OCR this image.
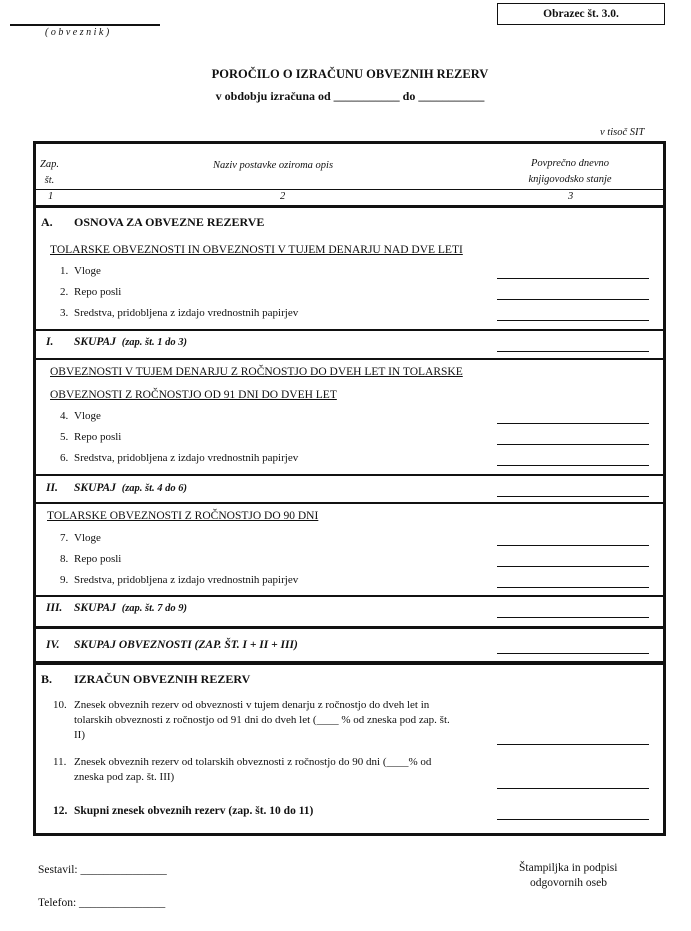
( o b v e z n i k )
Obrazec št. 3.0.
POROČILO O IZRAČUNU OBVEZNIH REZERV
v obdobju izračuna od ___________ do ___________
v tisoč SIT
Zap.
št.
Naziv postavke oziroma opis	Povprečno dnevno
knjigovodsko stanje
1	2	3
A. OSNOVA ZA OBVEZNE REZERVE
TOLARSKE OBVEZNOSTI IN OBVEZNOSTI V TUJEM DENARJU NAD DVE LETI
1. Vloge
2. Repo posli
3. Sredstva, pridobljena z izdajo vrednostnih papirjev
I. SKUPAJ (zap. št. 1 do 3)
OBVEZNOSTI V TUJEM DENARJU Z ROČNOSTJO DO DVEH LET IN TOLARSKE
OBVEZNOSTI Z ROČNOSTJO OD 91 DNI DO DVEH LET
4. Vloge
5. Repo posli
6. Sredstva, pridobljena z izdajo vrednostnih papirjev
II. SKUPAJ (zap. št. 4 do 6)
TOLARSKE OBVEZNOSTI Z ROČNOSTJO DO 90 DNI
7. Vloge
8. Repo posli
9. Sredstva, pridobljena z izdajo vrednostnih papirjev
III. SKUPAJ (zap. št. 7 do 9)
IV. SKUPAJ OBVEZNOSTI (ZAP. ŠT. I + II + III)
B. IZRAČUN OBVEZNIH REZERV
10. Znesek obveznih rezerv od obveznosti v tujem denarju z ročnostjo do dveh let in
tolarskih obveznosti z ročnostjo od 91 dni do dveh let (____ % od zneska pod zap. št.
II)
11. Znesek obveznih rezerv od tolarskih obveznosti z ročnostjo do 90 dni (____% od
zneska pod zap. št. III)
12. Skupni znesek obveznih rezerv (zap. št. 10 do 11)
Sestavil: _______________
Telefon: _______________
Štampiljka in podpisi
odgovornih oseb
